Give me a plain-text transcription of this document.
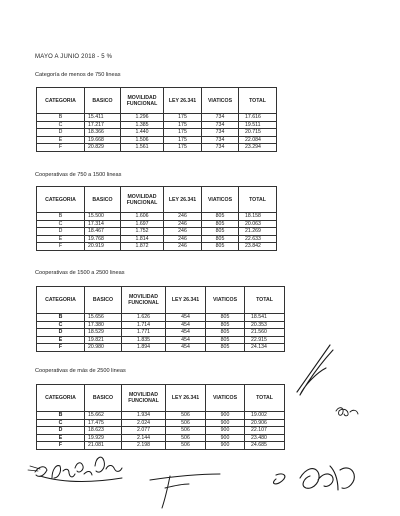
MAYO A JUNIO 2018 - 5 %
Categoría de menos de 750 lineas
CATEGORIA	BASICO	MOVILIDAD FUNCIONAL	LEY 26.341	VIATICOS	TOTAL
B	15.411	1.296	175	734	17.616
C	17.217	1.385	175	734	19.511
D	18.366	1.440	175	734	20.715
E	19.668	1.506	175	734	22.084
F	20.829	1.561	175	734	23.294
Cooperativas de 750 a 1500 lineas
CATEGORIA	BASICO	MOVILIDAD FUNCIONAL	LEY 26.341	VIATICOS	TOTAL
B	15.500	1.606	246	805	18.158
C	17.314	1.697	246	805	20.063
D	18.467	1.752	246	805	21.269
E	19.768	1.814	246	805	22.633
F	20.919	1.872	246	805	23.842
Cooperativas de 1500 a 2500 lineas
CATEGORIA	BASICO	MOVILIDAD FUNCIONAL	LEY 26.341	VIATICOS	TOTAL
B	15.656	1.626	454	805	18.541
C	17.380	1.714	454	805	20.353
D	18.529	1.771	454	805	21.560
E	19.821	1.835	454	805	22.915
F	20.980	1.894	454	805	24.134
Cooperativas de más de 2500 lineas
CATEGORIA	BASICO	MOVILIDAD FUNCIONAL	LEY 26.341	VIATICOS	TOTAL
B	15.662	1.934	506	900	19.002
C	17.475	2.024	506	900	20.906
D	18.623	2.077	506	900	22.107
E	19.929	2.144	506	900	23.480
F	21.081	2.198	506	900	24.685
